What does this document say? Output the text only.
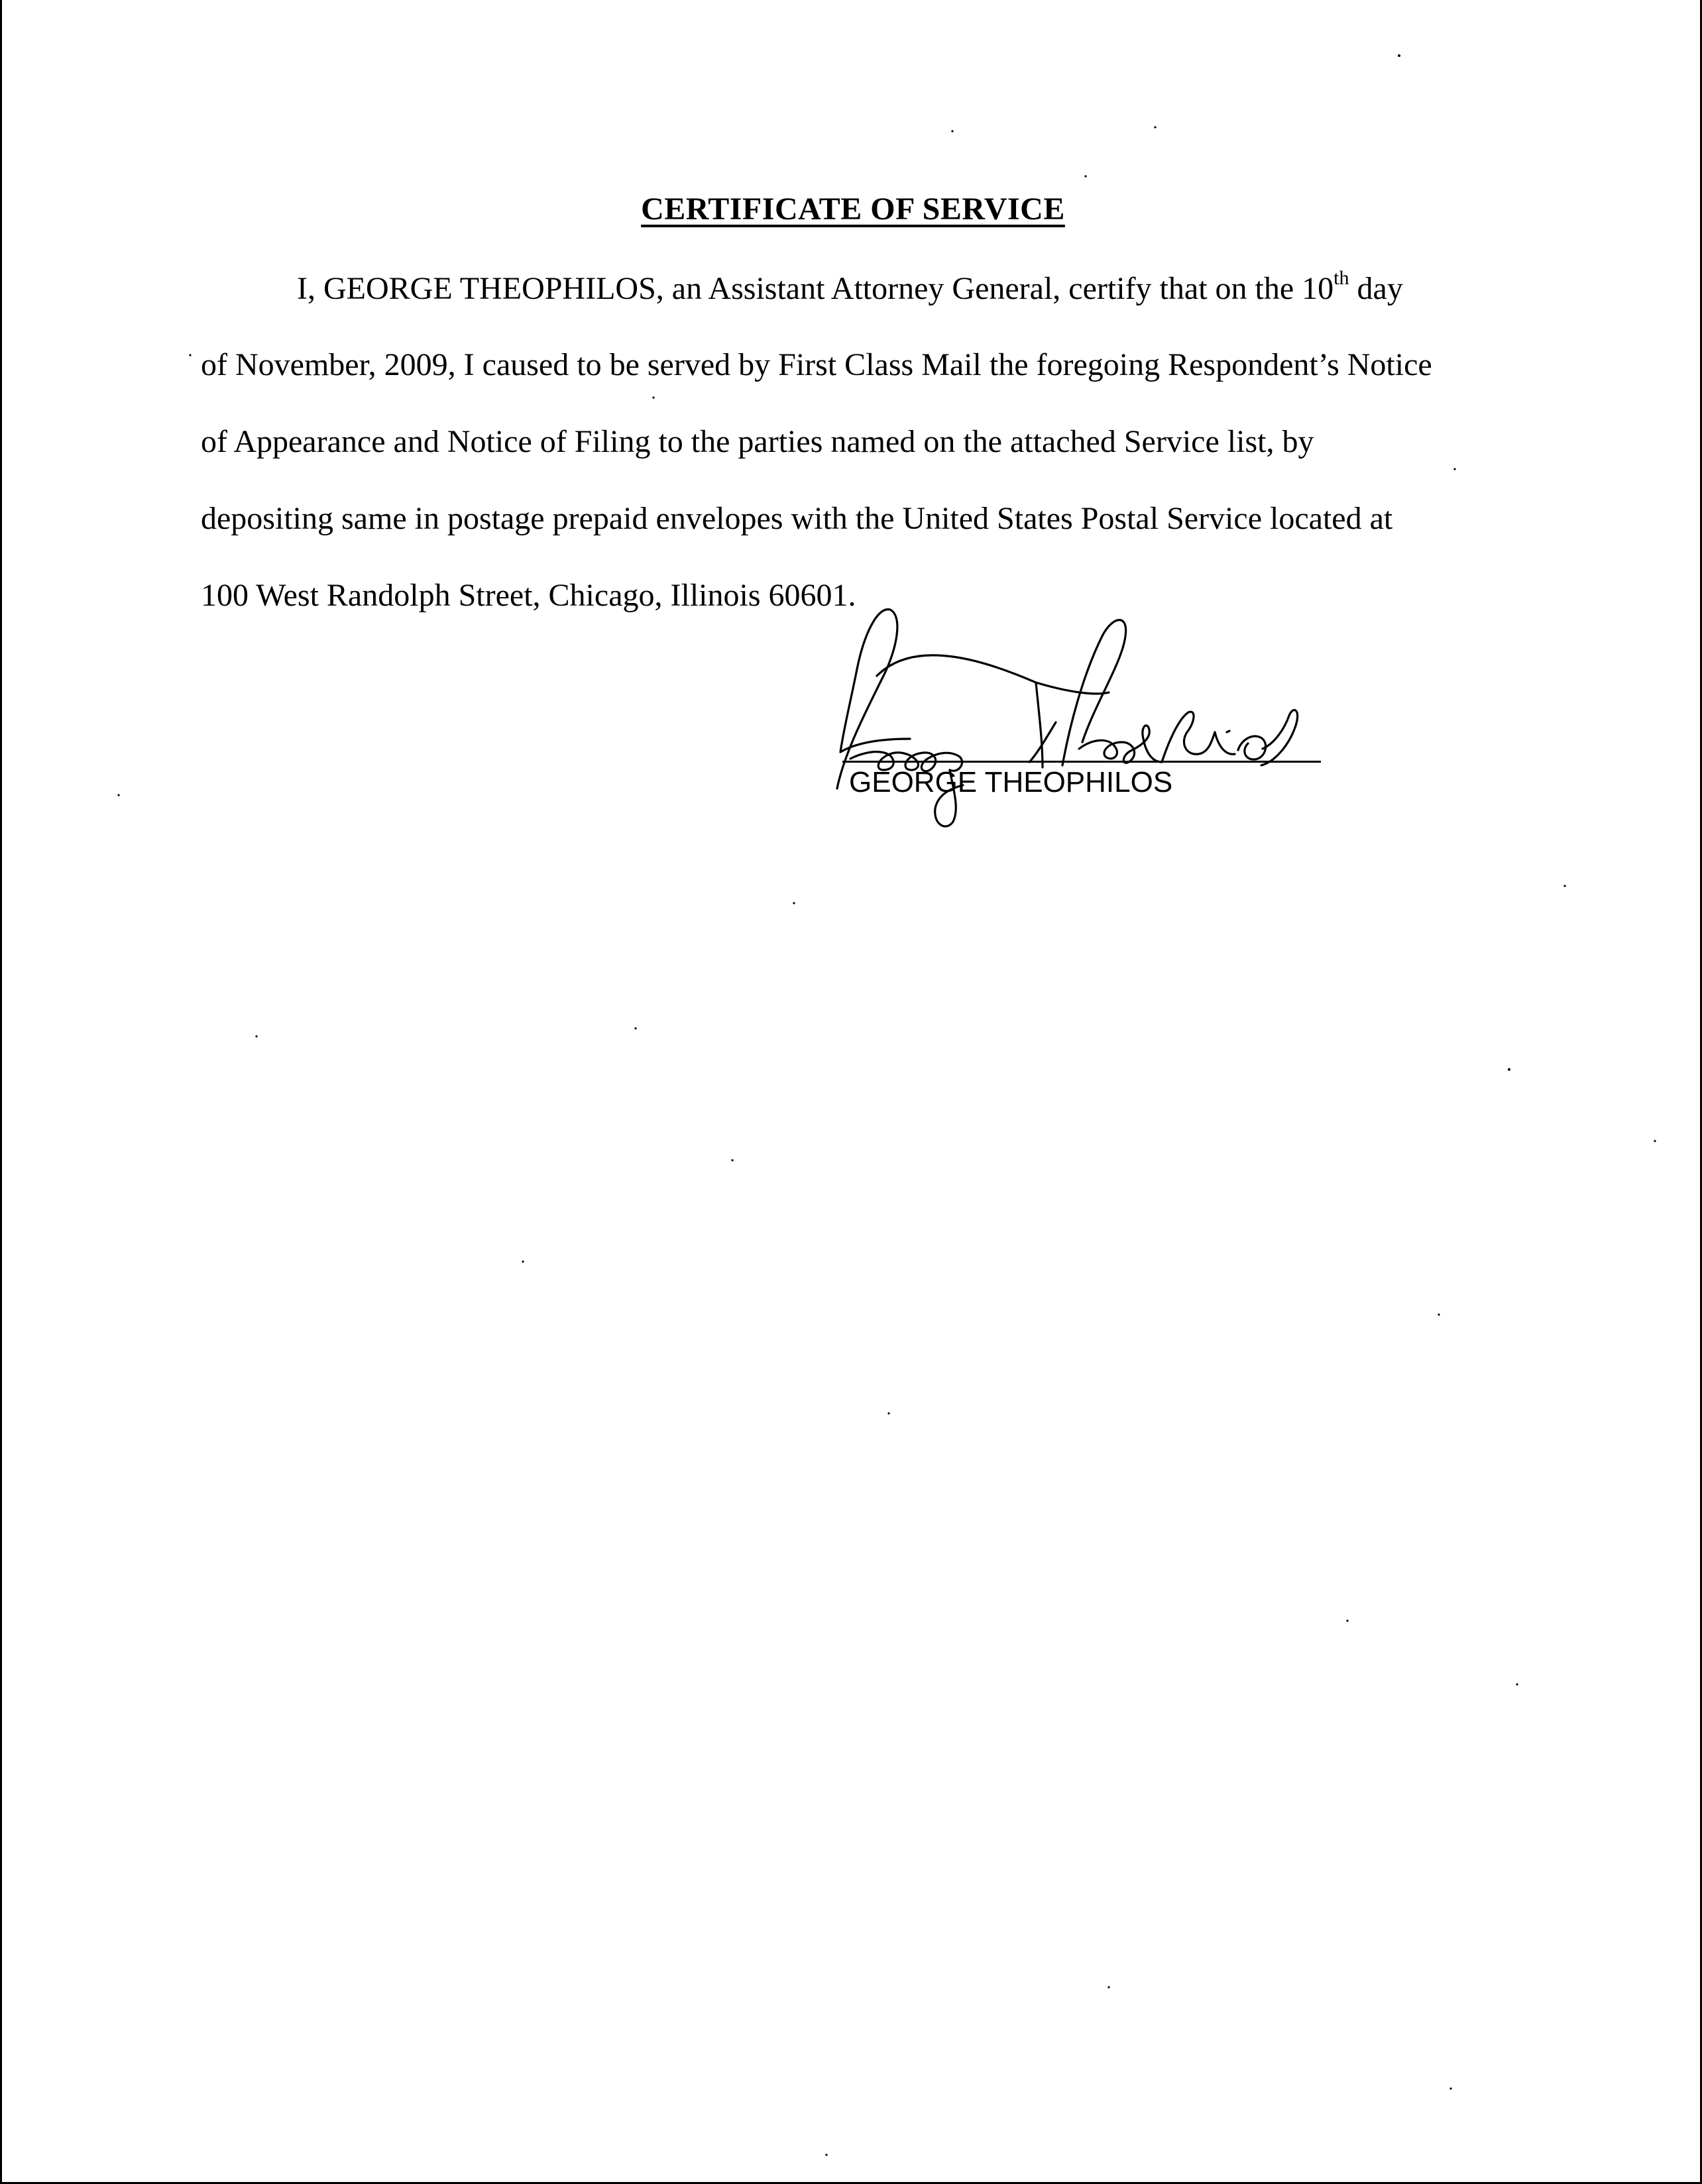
CERTIFICATE OF SERVICE

I, GEORGE THEOPHILOS, an Assistant Attorney General, certify that on the 10th day

of November, 2009, I caused to be served by First Class Mail the foregoing Respondent’s Notice

of Appearance and Notice of Filing to the parties named on the attached Service list, by

depositing same in postage prepaid envelopes with the United States Postal Service located at

100 West Randolph Street, Chicago, Illinois 60601.

GEORGE THEOPHILOS
